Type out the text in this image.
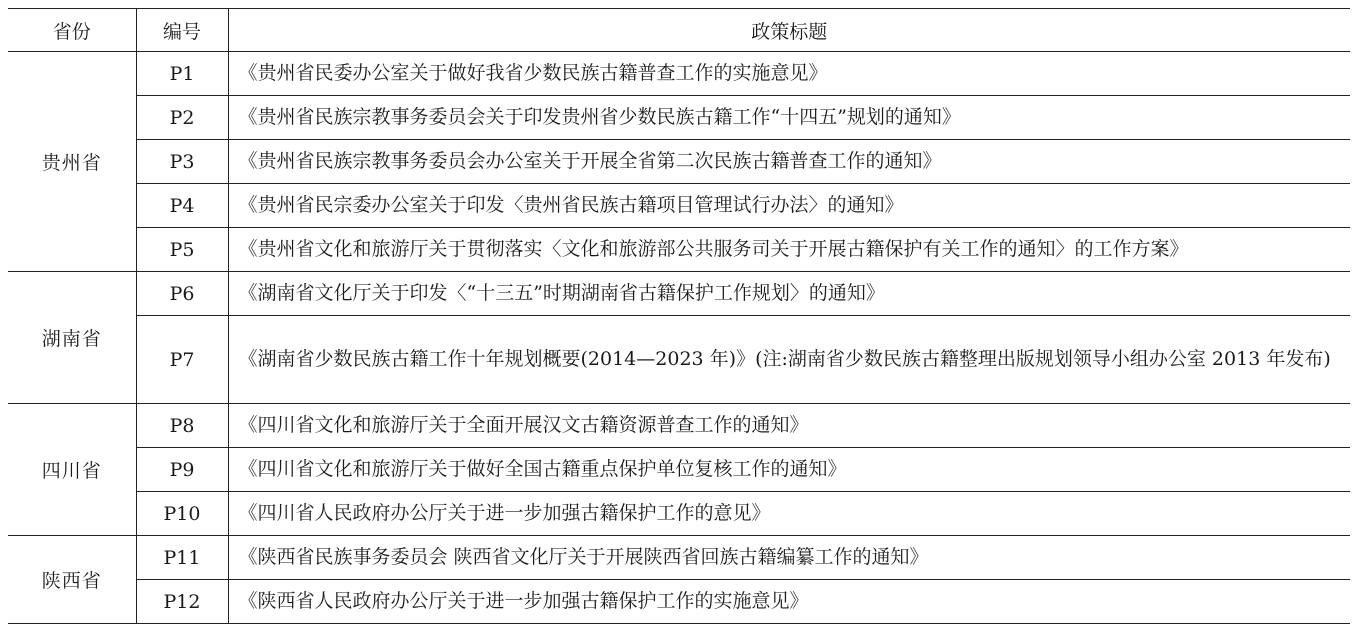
省份	编号	政策标题
贵州省	P1	《贵州省民委办公室关于做好我省少数民族古籍普查工作的实施意见》
	P2	《贵州省民族宗教事务委员会关于印发贵州省少数民族古籍工作“十四五”规划的通知》
	P3	《贵州省民族宗教事务委员会办公室关于开展全省第二次民族古籍普查工作的通知》
	P4	《贵州省民宗委办公室关于印发〈贵州省民族古籍项目管理试行办法〉的通知》
	P5	《贵州省文化和旅游厅关于贯彻落实〈文化和旅游部公共服务司关于开展古籍保护有关工作的通知〉的工作方案》
湖南省	P6	《湖南省文化厅关于印发〈“十三五”时期湖南省古籍保护工作规划〉的通知》
	P7	《湖南省少数民族古籍工作十年规划概要(2014—2023 年)》(注:湖南省少数民族古籍整理出版规划领导小组办公室 2013 年发布)
四川省	P8	《四川省文化和旅游厅关于全面开展汉文古籍资源普查工作的通知》
	P9	《四川省文化和旅游厅关于做好全国古籍重点保护单位复核工作的通知》
	P10	《四川省人民政府办公厅关于进一步加强古籍保护工作的意见》
陕西省	P11	《陕西省民族事务委员会 陕西省文化厅关于开展陕西省回族古籍编纂工作的通知》
	P12	《陕西省人民政府办公厅关于进一步加强古籍保护工作的实施意见》
